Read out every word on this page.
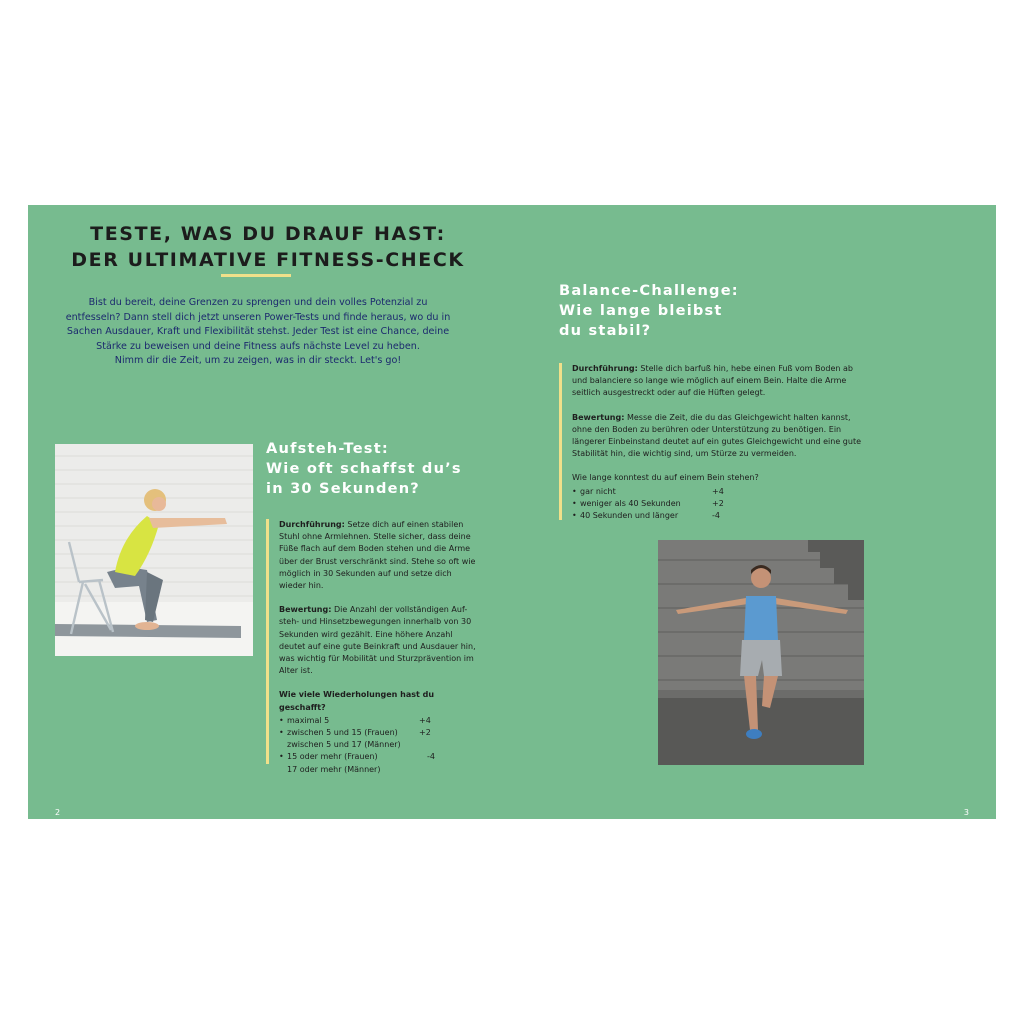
TESTE, WAS DU DRAUF HAST:
DER ULTIMATIVE FITNESS-CHECK

Bist du bereit, deine Grenzen zu sprengen und dein volles Potenzial zu
entfesseln? Dann stell dich jetzt unseren Power-Tests und finde heraus, wo du in
Sachen Ausdauer, Kraft und Flexibilität stehst. Jeder Test ist eine Chance, deine
Stärke zu beweisen und deine Fitness aufs nächste Level zu heben.
Nimm dir die Zeit, um zu zeigen, was in dir steckt. Let's go!

Aufsteh-Test:
Wie oft schaffst du’s
in 30 Sekunden?

Durchführung: Setze dich auf einen stabilen Stuhl ohne Armlehnen. Stelle sicher, dass deine Füße flach auf dem Boden stehen und die Arme über der Brust verschränkt sind. Stehe so oft wie möglich in 30 Sekunden auf und setze dich wieder hin.

Bewertung: Die Anzahl der vollständigen Auf-steh- und Hinsetzbewegungen innerhalb von 30 Sekunden wird gezählt. Eine höhere Anzahl deutet auf eine gute Beinkraft und Ausdauer hin, was wichtig für Mobilität und Sturzprävention im Alter ist.

Wie viele Wiederholungen hast du geschafft?
• maximal 5	+4
• zwischen 5 und 15 (Frauen)	+2
zwischen 5 und 17 (Männer)
• 15 oder mehr (Frauen)	-4
17 oder mehr (Männer)
Balance-Challenge:
Wie lange bleibst
du stabil?

Durchführung: Stelle dich barfuß hin, hebe einen Fuß vom Boden ab und balanciere so lange wie möglich auf einem Bein. Halte die Arme seitlich ausgestreckt oder auf die Hüften gelegt.

Bewertung: Messe die Zeit, die du das Gleichgewicht halten kannst, ohne den Boden zu berühren oder Unterstützung zu benötigen. Ein längerer Einbeinstand deutet auf ein gutes Gleichgewicht und eine gute Stabilität hin, die wichtig sind, um Stürze zu vermeiden.

Wie lange konntest du auf einem Bein stehen?
• gar nicht	+4
• weniger als 40 Sekunden	+2
• 40 Sekunden und länger	-4
2	3
